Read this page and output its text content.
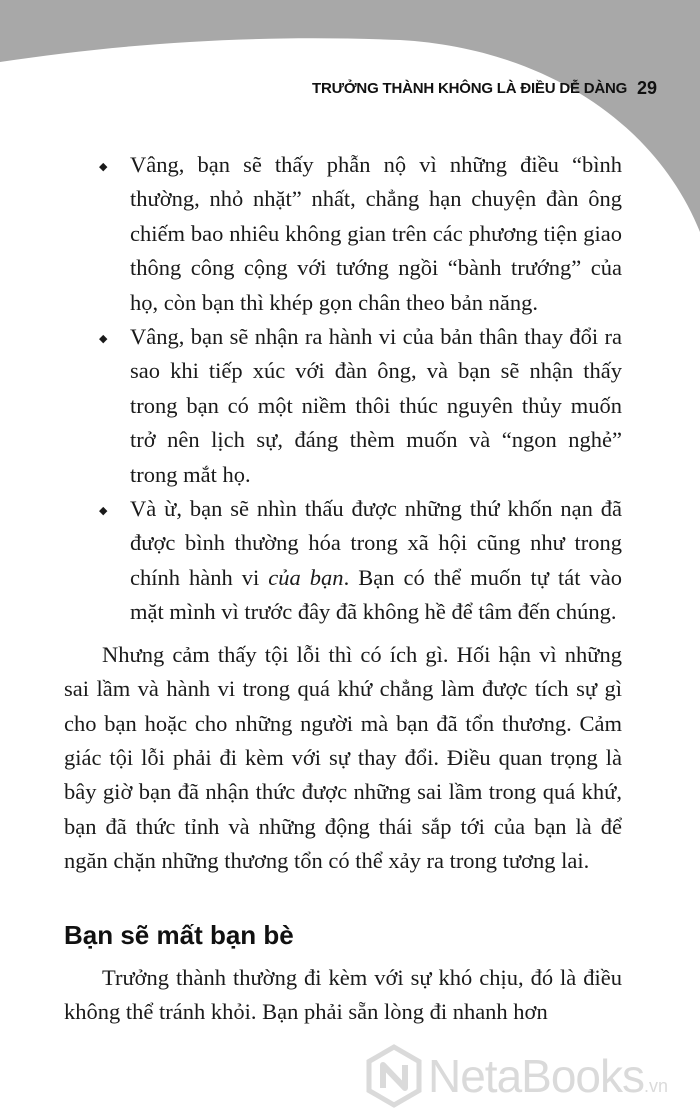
TRƯỞNG THÀNH KHÔNG LÀ ĐIỀU DỄ DÀNG 29
◆ Vâng, bạn sẽ thấy phẫn nộ vì những điều “bình thường, nhỏ nhặt” nhất, chẳng hạn chuyện đàn ông chiếm bao nhiêu không gian trên các phương tiện giao thông công cộng với tướng ngồi “bành trướng” của họ, còn bạn thì khép gọn chân theo bản năng.
◆ Vâng, bạn sẽ nhận ra hành vi của bản thân thay đổi ra sao khi tiếp xúc với đàn ông, và bạn sẽ nhận thấy trong bạn có một niềm thôi thúc nguyên thủy muốn trở nên lịch sự, đáng thèm muốn và “ngon nghẻ” trong mắt họ.
◆ Và ừ, bạn sẽ nhìn thấu được những thứ khốn nạn đã được bình thường hóa trong xã hội cũng như trong chính hành vi của bạn. Bạn có thể muốn tự tát vào mặt mình vì trước đây đã không hề để tâm đến chúng.

Nhưng cảm thấy tội lỗi thì có ích gì. Hối hận vì những sai lầm và hành vi trong quá khứ chẳng làm được tích sự gì cho bạn hoặc cho những người mà bạn đã tổn thương. Cảm giác tội lỗi phải đi kèm với sự thay đổi. Điều quan trọng là bây giờ bạn đã nhận thức được những sai lầm trong quá khứ, bạn đã thức tỉnh và những động thái sắp tới của bạn là để ngăn chặn những thương tổn có thể xảy ra trong tương lai.

Bạn sẽ mất bạn bè

Trưởng thành thường đi kèm với sự khó chịu, đó là điều không thể tránh khỏi. Bạn phải sẵn lòng đi nhanh hơn

NetaBooks.vn
